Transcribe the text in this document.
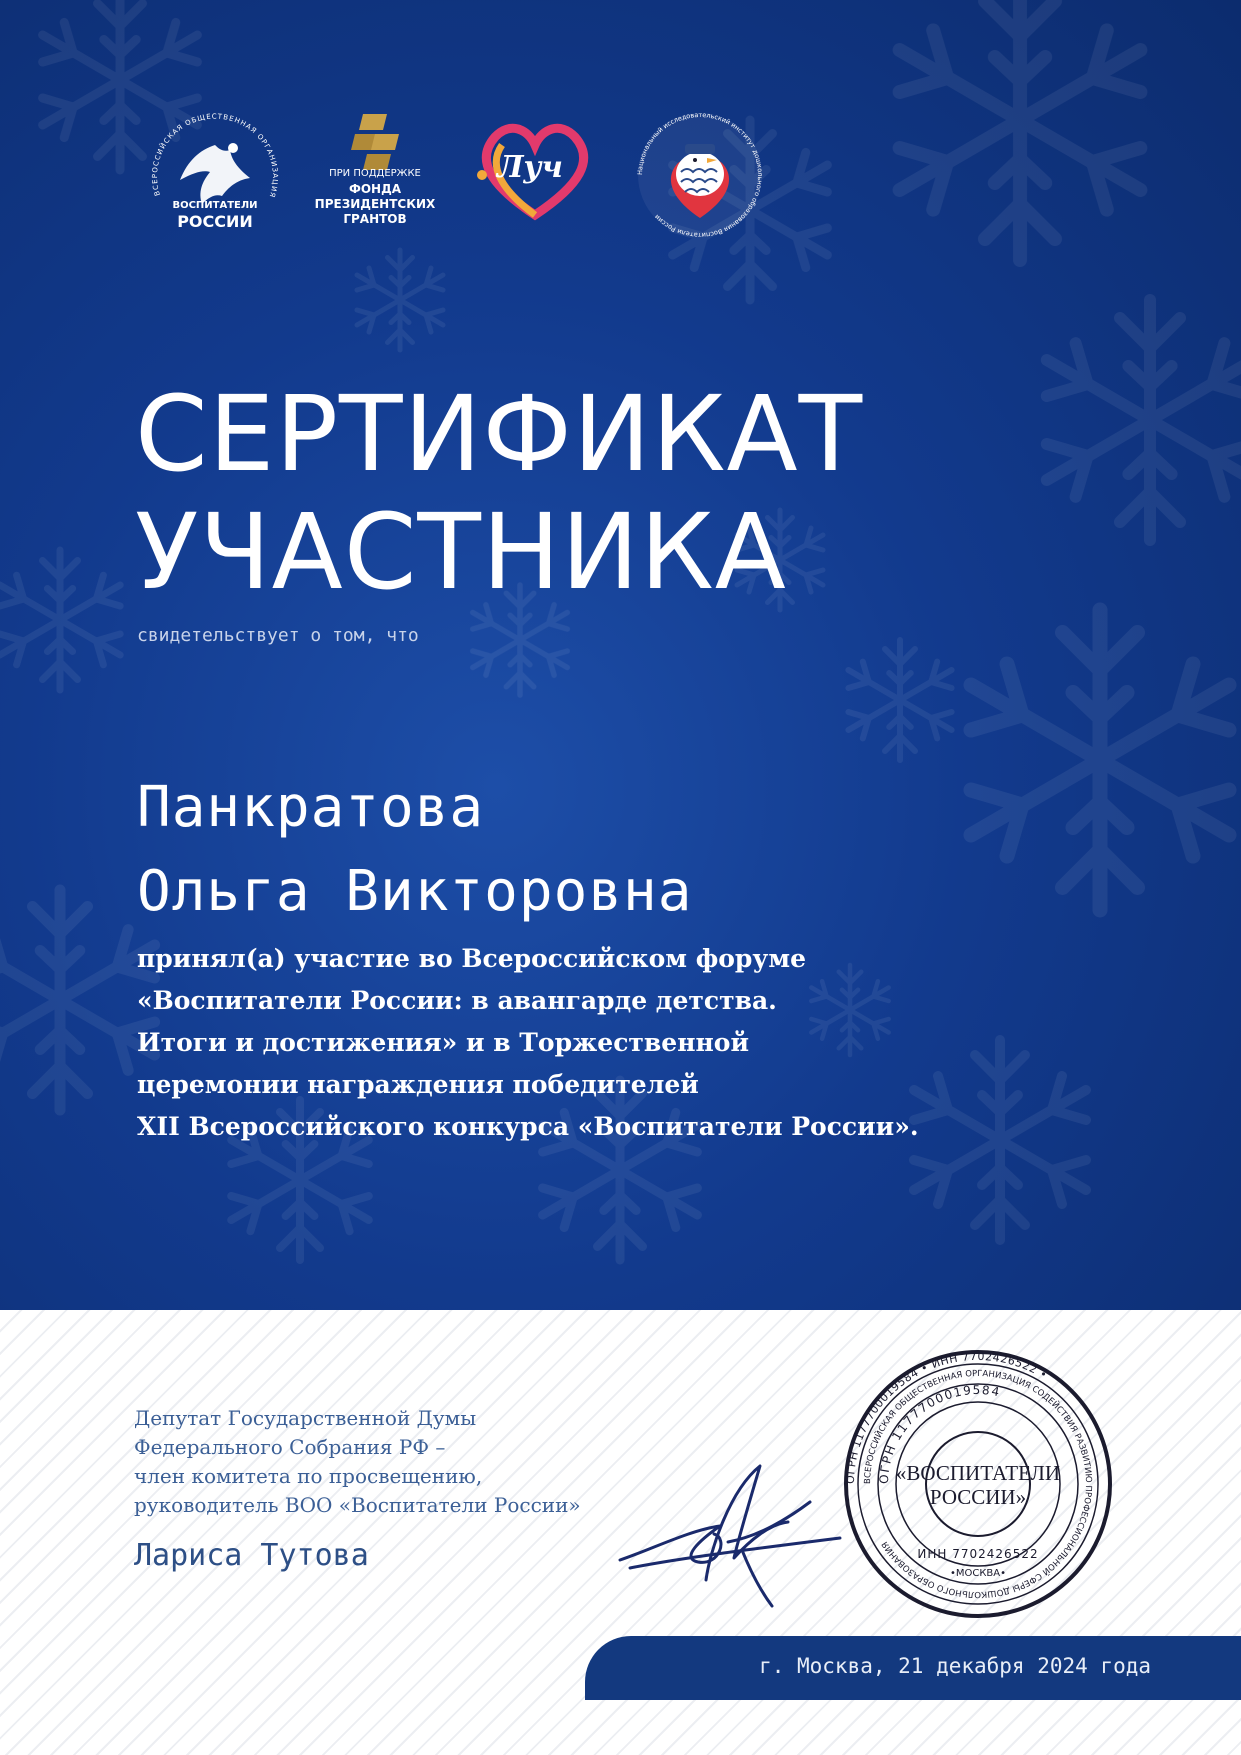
ВСЕРОССИЙСКАЯ ОБЩЕСТВЕННАЯ ОРГАНИЗАЦИЯ
ВОСПИТАТЕЛИ
РОССИИ
ПРИ ПОДДЕРЖКЕ
ФОНДА
ПРЕЗИДЕНТСКИХ
ГРАНТОВ
Луч	Национальный исследовательский институт дошкольного образования Воспитатели России
СЕРТИФИКАТ
УЧАСТНИКА
свидетельствует о том, что
Панкратова
Ольга Викторовна
принял(а) участие во Всероссийском форуме
«Воспитатели России: в авангарде детства.
Итоги и достижения» и в Торжественной
церемонии награждения победителей
XII Всероссийского конкурса «Воспитатели России».
Депутат Государственной Думы
Федерального Собрания РФ –
член комитета по просвещению,
руководитель ВОО «Воспитатели России»
Лариса Тутова
ОГРН 1177700019584 • ИНН 7702426522 •
ВСЕРОССИЙСКАЯ ОБЩЕСТВЕННАЯ ОРГАНИЗАЦИЯ СОДЕЙСТВИЯ РАЗВИТИЮ ПРОФЕССИОНАЛЬНОЙ СФЕРЫ ДОШКОЛЬНОГО ОБРАЗОВАНИЯ
ОГРН 1177700019584
ИНН 7702426522
«ВОСПИТАТЕЛИ
РОССИИ»
•МОСКВА•
г. Москва, 21 декабря 2024 года
